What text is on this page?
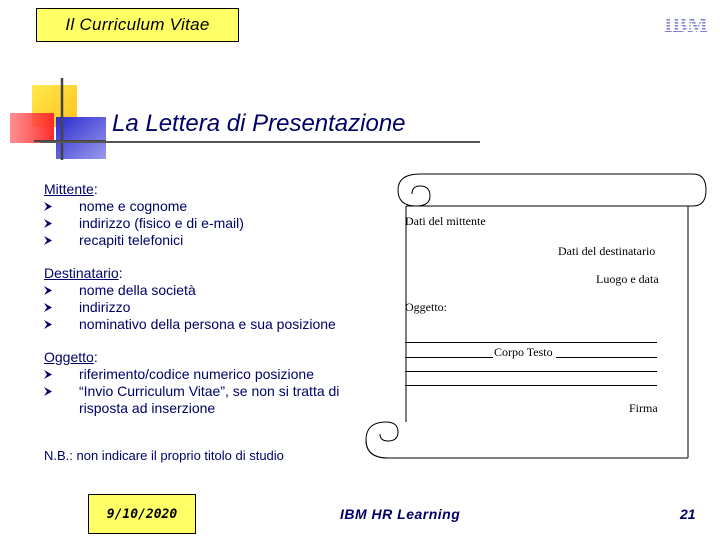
Il Curriculum Vitae	IBM
La Lettera di Presentazione
Mittente:
nome e cognome
indirizzo (fisico e di e-mail)
recapiti telefonici
Destinatario:
nome della società
indirizzo
nominativo della persona e sua posizione
Oggetto:
riferimento/codice numerico posizione
“Invio Curriculum Vitae”, se non si tratta di risposta ad inserzione
N.B.: non indicare il proprio titolo di studio
Dati del mittente
Dati del destinatario
Luogo e data
Oggetto:
Corpo Testo
Firma
9/10/2020	IBM HR Learning	21
